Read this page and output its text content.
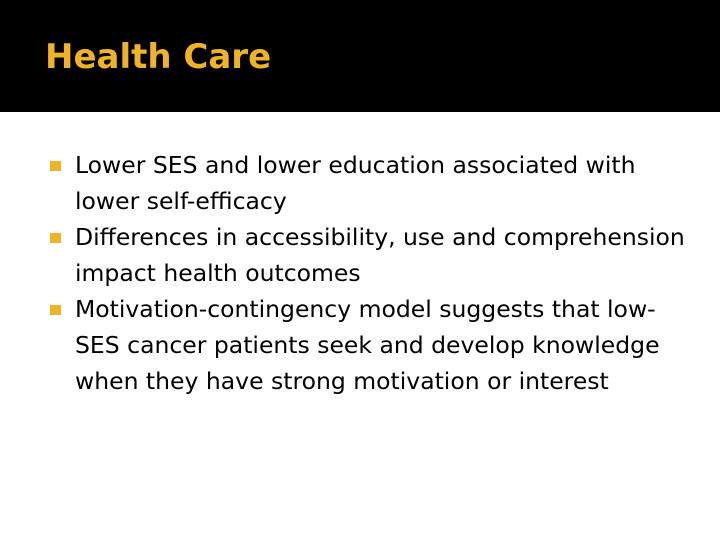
Health Care
Lower SES and lower education associated with lower self-efficacy
Differences in accessibility, use and comprehension impact health outcomes
Motivation-contingency model suggests that low-SES cancer patients seek and develop knowledge when they have strong motivation or interest
